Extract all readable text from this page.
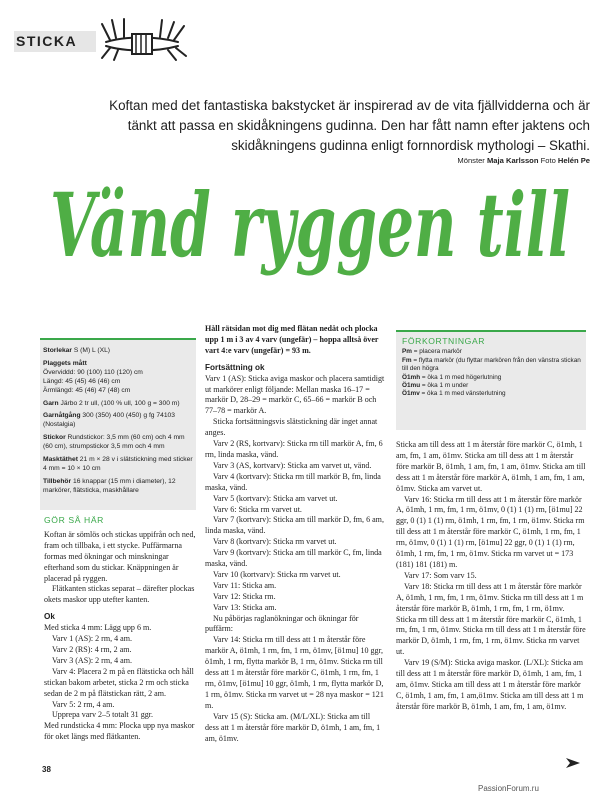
STICKA
Koftan med det fantastiska bakstycket är inspirerad av de vita fjällvidderna och är tänkt att passa en skidåkningens gudinna. Den har fått namn efter jaktens och skidåkningens gudinna enligt fornnordisk mythologi – Skathi.
Mönster Maja Karlsson Foto Helén Pe
Vänd ryggen till

Storlekar S (M) L (XL)

Plaggets mått
Överviddd: 90 (100) 110 (120) cm
Längd: 45 (45) 46 (46) cm
Ärmlängd: 45 (46) 47 (48) cm

Garn Järbo 2 tr ull, (100 % ull, 100 g = 300 m)

Garnåtgång 300 (350) 400 (450) g fg 74103 (Nostalgia)

Stickor Rundstickor: 3,5 mm (60 cm) och 4 mm (60 cm), strumpstickor 3,5 mm och 4 mm

Masktäthet 21 m × 28 v i slätstickning med sticker 4 mm = 10 × 10 cm

Tillbehör 16 knappar (15 mm i diameter), 12 markörer, flätsticka, maskhållare

GÖR SÅ HÄR

Koftan är sömlös och stickas uppifrån och ned, fram och tillbaka, i ett stycke. Puffärmarna formas med ökningar och minskningar efterhand som du stickar. Knäppningen är placerad på ryggen.

Flätkanten stickas separat – därefter plockas okets maskor upp utefter kanten.

Ok

Med sticka 4 mm: Lägg upp 6 m.

Varv 1 (AS): 2 rm, 4 am.

Varv 2 (RS): 4 rm, 2 am.

Varv 3 (AS): 2 rm, 4 am.

Varv 4: Placera 2 m på en flätsticka och håll stickan bakom arbetet, sticka 2 rm och sticka sedan de 2 m på flätstickan rätt, 2 am.

Varv 5: 2 rm, 4 am.

Upprepa varv 2–5 totalt 31 ggr.

Med rundsticka 4 mm: Plocka upp nya maskor för oket längs med flätkanten.

Håll rätsidan mot dig med flätan nedåt och plocka upp 1 m i 3 av 4 varv (ungefär) – hoppa alltså över vart 4:e varv (ungefär) = 93 m.

Fortsättning ok

Varv 1 (AS): Sticka aviga maskor och placera samtidigt ut markörer enligt följande: Mellan maska 16–17 = markör D, 28–29 = markör C, 65–66 = markör B och 77–78 = markör A.

Sticka fortsättningsvis slätstickning där inget annat anges.

Varv 2 (RS, kortvarv): Sticka rm till markör A, fm, 6 rm, linda maska, vänd.

Varv 3 (AS, kortvarv): Sticka am varvet ut, vänd.

Varv 4 (kortvarv): Sticka rm till markör B, fm, linda maska, vänd.

Varv 5 (kortvarv): Sticka am varvet ut.

Varv 6: Sticka rm varvet ut.

Varv 7 (kortvarv): Sticka am till markör D, fm, 6 am, linda maska, vänd.

Varv 8 (kortvarv): Sticka rm varvet ut.

Varv 9 (kortvarv): Sticka am till markör C, fm, linda maska, vänd.

Varv 10 (kortvarv): Sticka rm varvet ut.

Varv 11: Sticka am.

Varv 12: Sticka rm.

Varv 13: Sticka am.

Nu påbörjas raglanökningar och ökningar för puffärm:

Varv 14: Sticka rm till dess att 1 m återstår före markör A, ö1mh, 1 rm, fm, 1 rm, ö1mv, [ö1mu] 10 ggr, ö1mh, 1 rm, flytta markör B, 1 rm, ö1mv. Sticka rm till dess att 1 m återstår före markör C, ö1mh, 1 rm, fm, 1 rm, ö1mv, [ö1mu] 10 ggr, ö1mh, 1 rm, flytta markör D, 1 rm, ö1mv. Sticka rm varvet ut = 28 nya maskor = 121 m.

Varv 15 (S): Sticka am. (M/L/XL): Sticka am till dess att 1 m återstår före markör D, ö1mh, 1 am, fm, 1 am, ö1mv.

FÖRKORTNINGAR

Pm = placera markör

Fm = flytta markör (du flyttar markören från den vänstra stickan till den högra

Ö1mh = öka 1 m med högerlutning

Ö1mu = öka 1 m under

Ö1mv = öka 1 m med vänsterlutning

Sticka am till dess att 1 m återstår före markör C, ö1mh, 1 am, fm, 1 am, ö1mv. Sticka am till dess att 1 m återstår före markör B, ö1mh, 1 am, fm, 1 am, ö1mv. Sticka am till dess att 1 m återstår före markör A, ö1mh, 1 am, fm, 1 am, ö1mv. Sticka am varvet ut.

Varv 16: Sticka rm till dess att 1 m återstår före markör A, ö1mh, 1 rm, fm, 1 rm, ö1mv, 0 (1) 1 (1) rm, [ö1mu] 22 ggr, 0 (1) 1 (1) rm, ö1mh, 1 rm, fm, 1 rm, ö1mv. Sticka rm till dess att 1 m återstår före markör C, ö1mh, 1 rm, fm, 1 rm, ö1mv, 0 (1) 1 (1) rm, [ö1mu] 22 ggr, 0 (1) 1 (1) rm, ö1mh, 1 rm, fm, 1 rm, ö1mv. Sticka rm varvet ut = 173 (181) 181 (181) m.

Varv 17: Som varv 15.

Varv 18: Sticka rm till dess att 1 m återstår före markör A, ö1mh, 1 rm, fm, 1 rm, ö1mv. Sticka rm till dess att 1 m återstår före markör B, ö1mh, 1 rm, fm, 1 rm, ö1mv. Sticka rm till dess att 1 m återstår före markör C, ö1mh, 1 rm, fm, 1 rm, ö1mv. Sticka rm till dess att 1 m återstår före markör D, ö1mh, 1 rm, fm, 1 rm, ö1mv. Sticka rm varvet ut.

Varv 19 (S/M): Sticka aviga maskor. (L/XL): Sticka am till dess att 1 m återstår före markör D, ö1mh, 1 am, fm, 1 am, ö1mv. Sticka am till dess att 1 m återstår före markör C, ö1mh, 1 am, fm, 1 am,ö1mv. Sticka am till dess att 1 m återstår före markör B, ö1mh, 1 am, fm, 1 am, ö1mv.

38
PassionForum.ru
